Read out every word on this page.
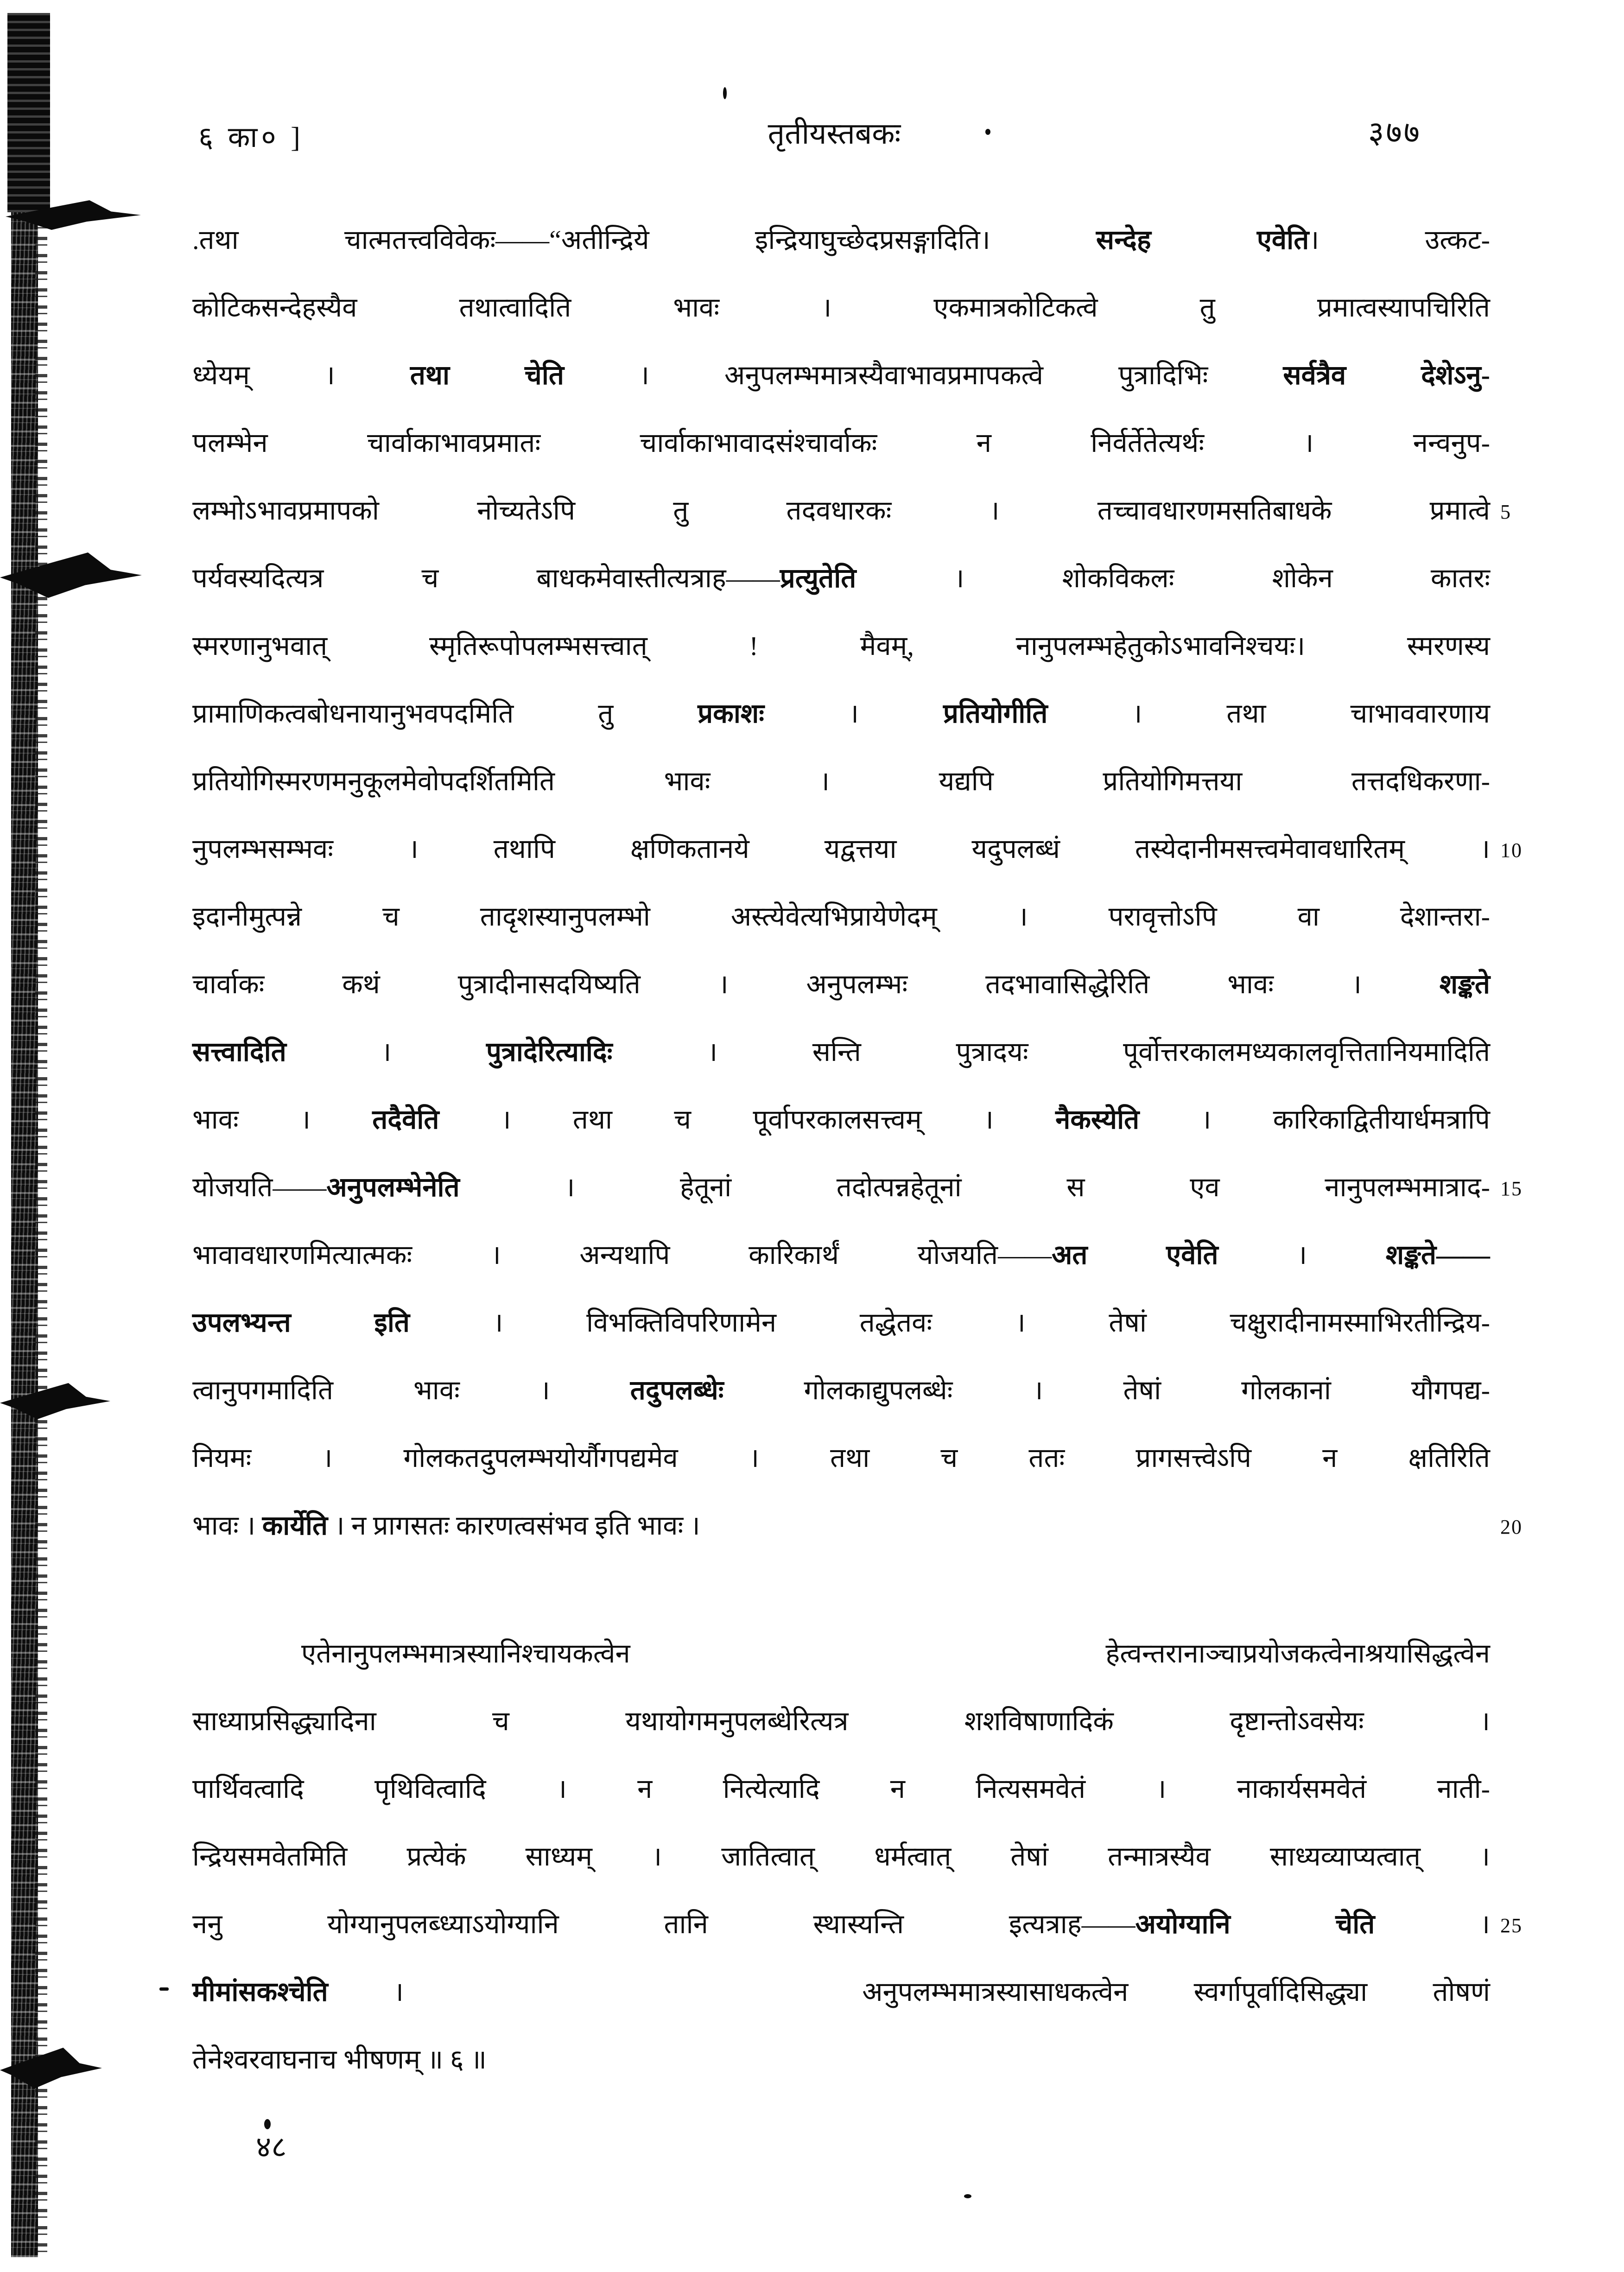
६ का० ]	तृतीयस्तबकः	३७७
.तथा चात्मतत्त्वविवेकः——“अतीन्द्रिये इन्द्रियाघुच्छेदप्रसङ्गादिति। सन्देह एवेति। उत्कट-
कोटिकसन्देहस्यैव तथात्वादिति भावः । एकमात्रकोटिकत्वे तु प्रमात्वस्यापचिरिति
ध्येयम् । तथा चेति । अनुपलम्भमात्रस्यैवाभावप्रमापकत्वे पुत्रादिभिः सर्वत्रैव देशेऽनु-
पलम्भेन चार्वाकाभावप्रमातः चार्वाकाभावादसंश्चार्वाकः न निर्वर्तेतेत्यर्थः । नन्वनुप-
लम्भोऽभावप्रमापको नोच्यतेऽपि तु तदवधारकः । तच्चावधारणमसतिबाधके प्रमात्वे 5
पर्यवस्यदित्यत्र च बाधकमेवास्तीत्यत्राह——प्रत्युतेति । शोकविकलः शोकेन कातरः
स्मरणानुभवात् स्मृतिरूपोपलम्भसत्त्वात् ! मैवम्, नानुपलम्भहेतुकोऽभावनिश्चयः। स्मरणस्य
प्रामाणिकत्वबोधनायानुभवपदमिति तु प्रकाशः । प्रतियोगीति । तथा चाभाववारणाय
प्रतियोगिस्मरणमनुकूलमेवोपदर्शितमिति भावः । यद्यपि प्रतियोगिमत्तया तत्तदधिकरणा-
नुपलम्भसम्भवः । तथापि क्षणिकतानये यद्वत्तया यदुपलब्धं तस्येदानीमसत्त्वमेवावधारितम् । 10
इदानीमुत्पन्ने च तादृशस्यानुपलम्भो अस्त्येवेत्यभिप्रायेणेदम् । परावृत्तोऽपि वा देशान्तरा-
चार्वाकः कथं पुत्रादीनासदयिष्यति । अनुपलम्भः तदभावासिद्धेरिति भावः । शङ्कते
सत्त्वादिति । पुत्रादेरित्यादिः । सन्ति पुत्रादयः पूर्वोत्तरकालमध्यकालवृत्तितानियमादिति
भावः । तदैवेति । तथा च पूर्वापरकालसत्त्वम् । नैकस्येति । कारिकाद्वितीयार्धमत्रापि
योजयति——अनुपलम्भेनेति । हेतूनां तदोत्पन्नहेतूनां स एव नानुपलम्भमात्राद- 15
भावावधारणमित्यात्मकः । अन्यथापि कारिकार्थं योजयति——अत एवेति । शङ्कते——
उपलभ्यन्त इति । विभक्तिविपरिणामेन तद्धेतवः । तेषां चक्षुरादीनामस्माभिरतीन्द्रिय-
त्वानुपगमादिति भावः । तदुपलब्धेः गोलकाद्युपलब्धेः । तेषां गोलकानां यौगपद्य-
नियमः । गोलकतदुपलम्भयोर्यौगपद्यमेव । तथा च ततः प्रागसत्त्वेऽपि न क्षतिरिति
भावः । कार्येति । न प्रागसतः कारणत्वसंभव इति भावः ।	20
एतेनानुपलम्भमात्रस्यानिश्चायकत्वेन	हेत्वन्तरानाञ्चाप्रयोजकत्वेनाश्रयासिद्धत्वेन
साध्याप्रसिद्ध्यादिना च यथायोगमनुपलब्धेरित्यत्र शशविषाणादिकं दृष्टान्तोऽवसेयः ।
पार्थिवत्वादि पृथिवित्वादि । न नित्येत्यादि न नित्यसमवेतं । नाकार्यसमवेतं नाती-
न्द्रियसमवेतमिति प्रत्येकं साध्यम् । जातित्वात् धर्मत्वात् तेषां तन्मात्रस्यैव साध्यव्याप्यत्वात् ।
ननु योग्यानुपलब्ध्याऽयोग्यानि तानि स्थास्यन्ति इत्यत्राह——अयोग्यानि चेति । 25
मीमांसकश्चेति ।	अनुपलम्भमात्रस्यासाधकत्वेन स्वर्गापूर्वादिसिद्ध्या तोषणं
तेनेश्वरवाघनाच भीषणम् ॥ ६ ॥
४८
